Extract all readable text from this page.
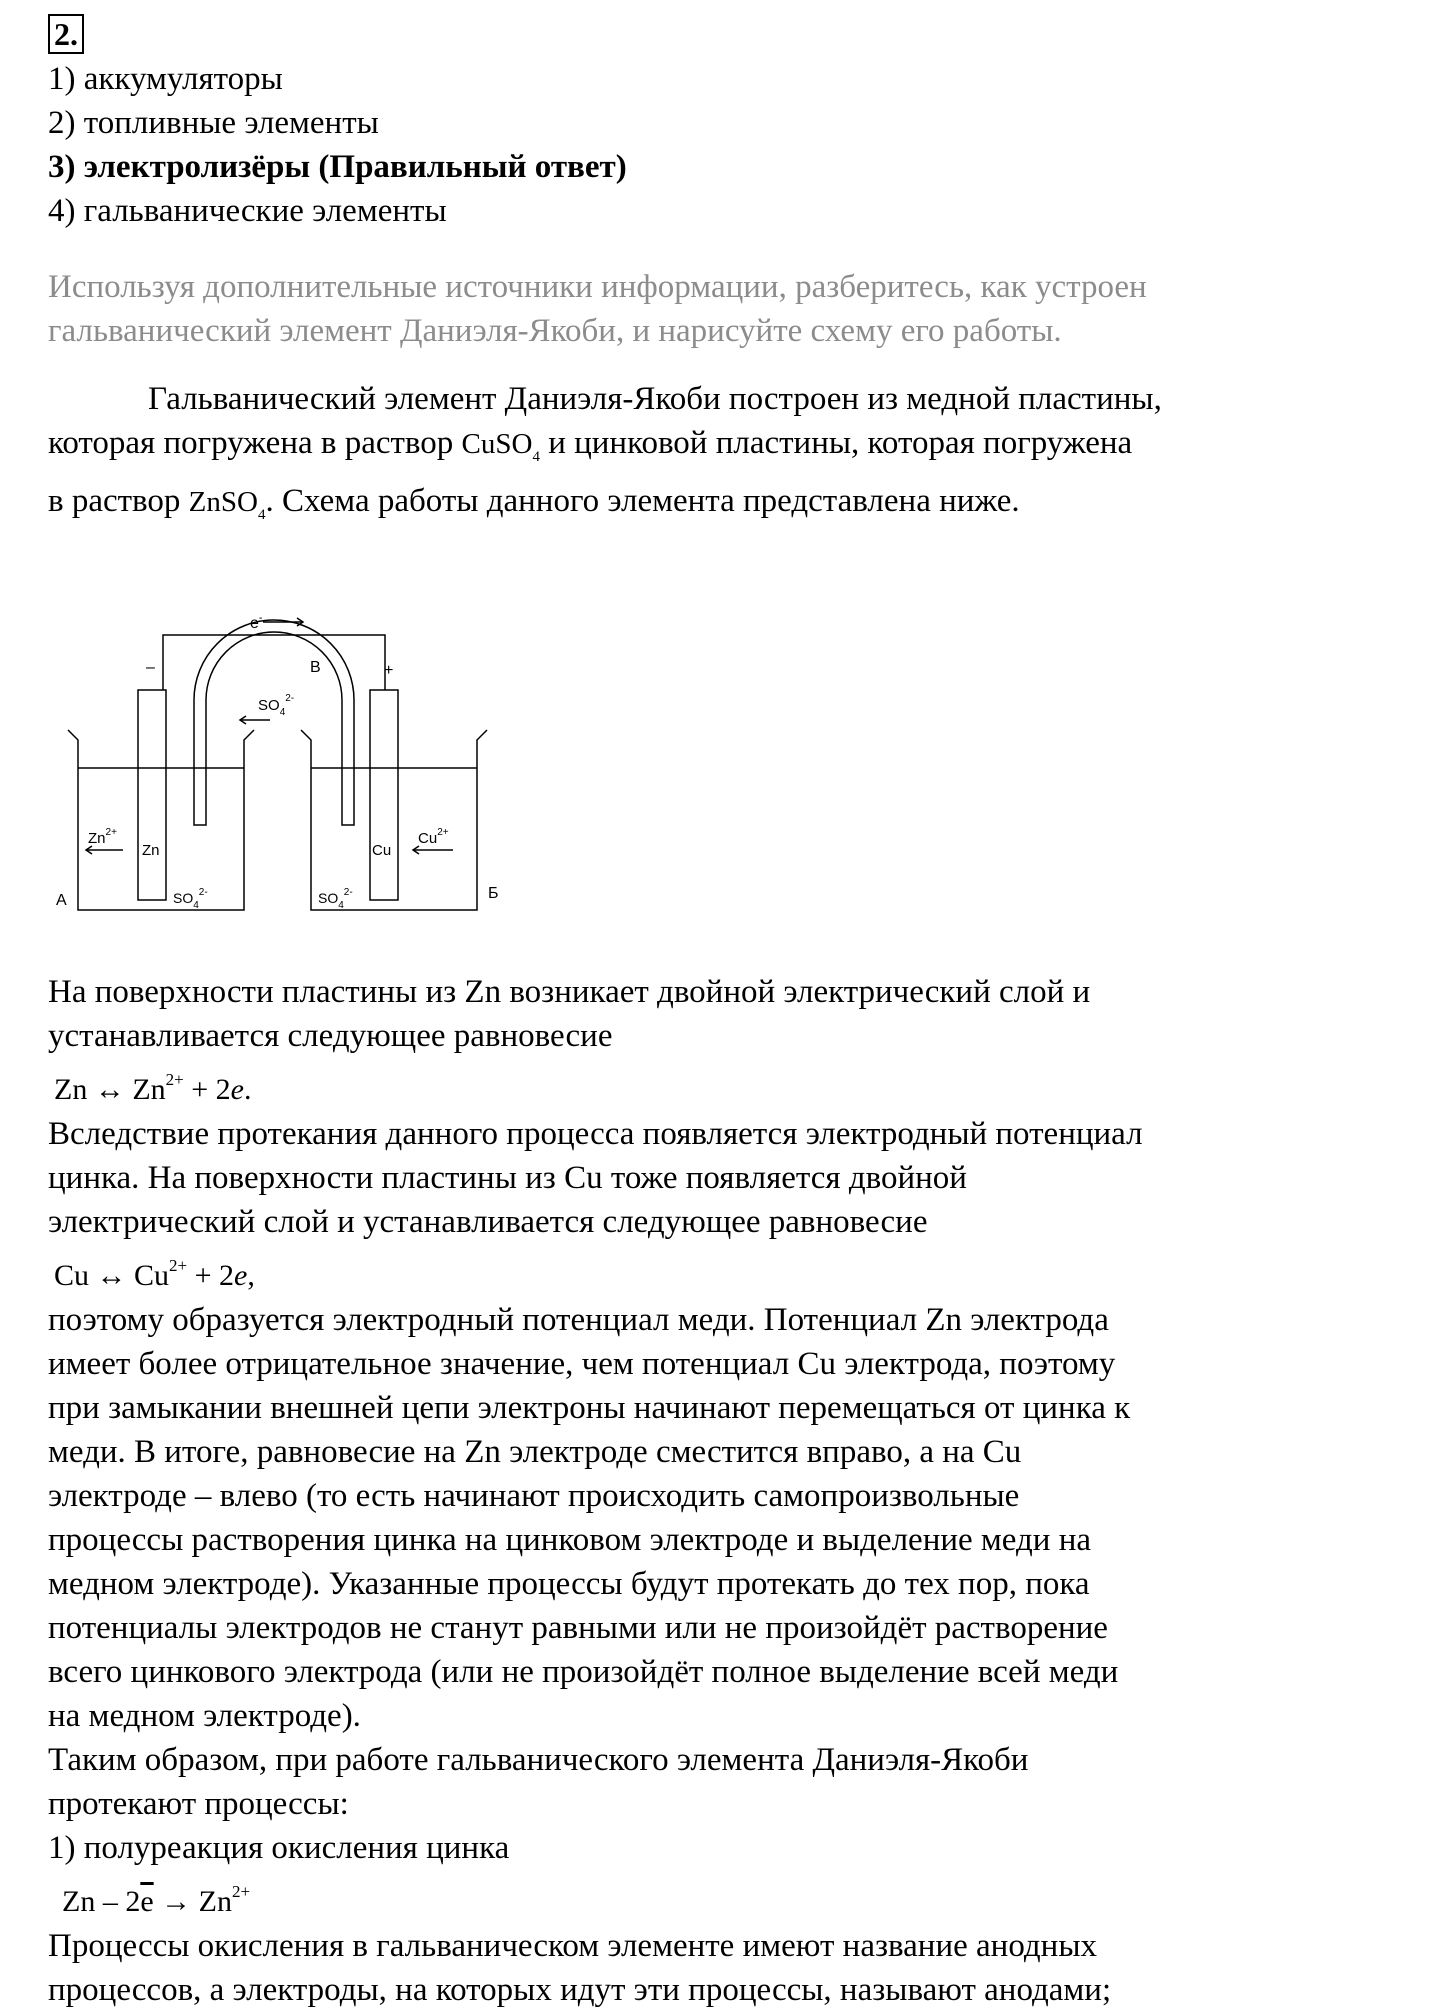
2.
1) аккумуляторы
2) топливные элементы
3) электролизёры (Правильный ответ)
4) гальванические элементы
Используя дополнительные источники информации, разберитесь, как устроен
гальванический элемент Даниэля-Якоби, и нарисуйте схему его работы.
Гальванический элемент Даниэля-Якоби построен из медной пластины,
которая погружена в раствор CuSO$_4$ и цинковой пластины, которая погружена
в раствор ZnSO$_4$. Схема работы данного элемента представлена ниже.
e-
–	+
В
$SO_4^{2-}$
А	Б
Zn
$Zn^{2+}$
Cu
$Cu^{2+}$
$SO_4^{2-}$	$SO_4^{2-}$
На поверхности пластины из Zn возникает двойной электрический слой и
устанавливается следующее равновесие
Zn ↔ $Zn^{2+} + 2e$.
Вследствие протекания данного процесса появляется электродный потенциал
цинка. На поверхности пластины из Cu тоже появляется двойной
электрический слой и устанавливается следующее равновесие
Cu ↔ $Cu^{2+} + 2e$,
поэтому образуется электродный потенциал меди. Потенциал Zn электрода
имеет более отрицательное значение, чем потенциал Cu электрода, поэтому
при замыкании внешней цепи электроны начинают перемещаться от цинка к
меди. В итоге, равновесие на Zn электроде сместится вправо, а на Cu
электроде – влево (то есть начинают происходить самопроизвольные
процессы растворения цинка на цинковом электроде и выделение меди на
медном электроде). Указанные процессы будут протекать до тех пор, пока
потенциалы электродов не станут равными или не произойдёт растворение
всего цинкового электрода (или не произойдёт полное выделение всей меди
на медном электроде).
Таким образом, при работе гальванического элемента Даниэля-Якоби
протекают процессы:
1) полуреакция окисления цинка
$Zn - 2\overline{e} \to Zn^{2+}$
Процессы окисления в гальваническом элементе имеют название анодных
процессов, а электроды, на которых идут эти процессы, называют анодами;
